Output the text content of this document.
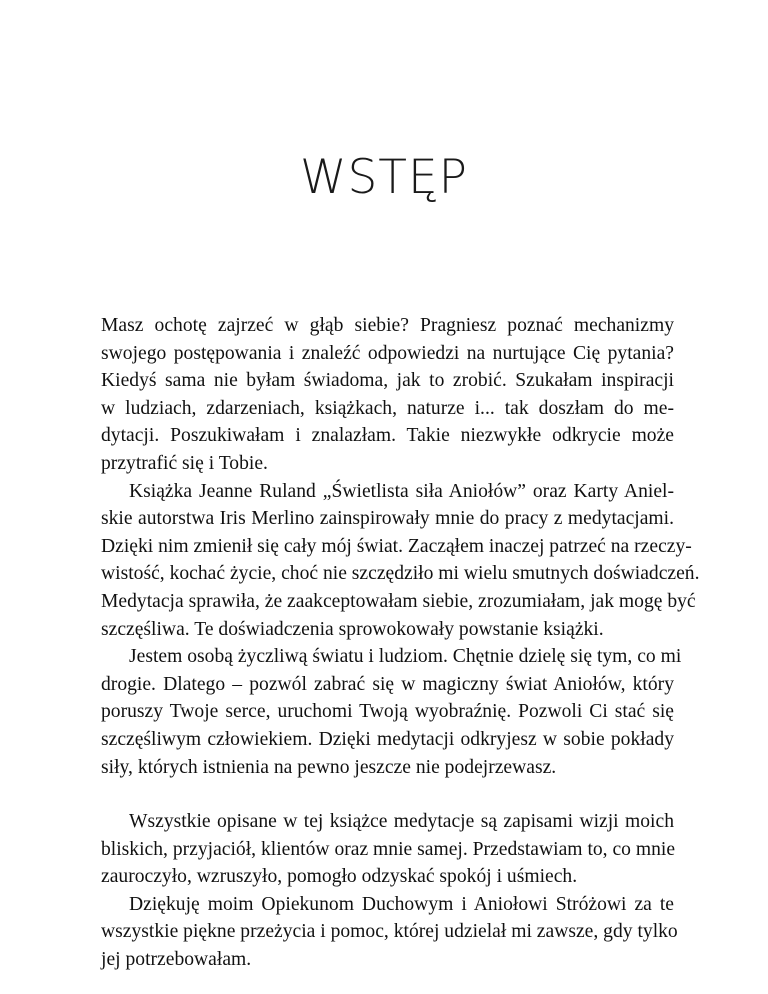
WSTĘP
Masz ochotę zajrzeć w głąb siebie? Pragniesz poznać mechanizmy
swojego postępowania i znaleźć odpowiedzi na nurtujące Cię pytania?
Kiedyś sama nie byłam świadoma, jak to zrobić. Szukałam inspiracji
w ludziach, zdarzeniach, książkach, naturze i... tak doszłam do me-
dytacji. Poszukiwałam i znalazłam. Takie niezwykłe odkrycie może
przytrafić się i Tobie.
Książka Jeanne Ruland „Świetlista siła Aniołów” oraz Karty Aniel-
skie autorstwa Iris Merlino zainspirowały mnie do pracy z medytacjami.
Dzięki nim zmienił się cały mój świat. Zacząłem inaczej patrzeć na rzeczy-
wistość, kochać życie, choć nie szczędziło mi wielu smutnych doświadczeń.
Medytacja sprawiła, że zaakceptowałam siebie, zrozumiałam, jak mogę być
szczęśliwa. Te doświadczenia sprowokowały powstanie książki.
Jestem osobą życzliwą światu i ludziom. Chętnie dzielę się tym, co mi
drogie. Dlatego – pozwól zabrać się w magiczny świat Aniołów, który
poruszy Twoje serce, uruchomi Twoją wyobraźnię. Pozwoli Ci stać się
szczęśliwym człowiekiem. Dzięki medytacji odkryjesz w sobie pokłady
siły, których istnienia na pewno jeszcze nie podejrzewasz.
Wszystkie opisane w tej książce medytacje są zapisami wizji moich
bliskich, przyjaciół, klientów oraz mnie samej. Przedstawiam to, co mnie
zauroczyło, wzruszyło, pomogło odzyskać spokój i uśmiech.
Dziękuję moim Opiekunom Duchowym i Aniołowi Stróżowi za te
wszystkie piękne przeżycia i pomoc, której udzielał mi zawsze, gdy tylko
jej potrzebowałam.
